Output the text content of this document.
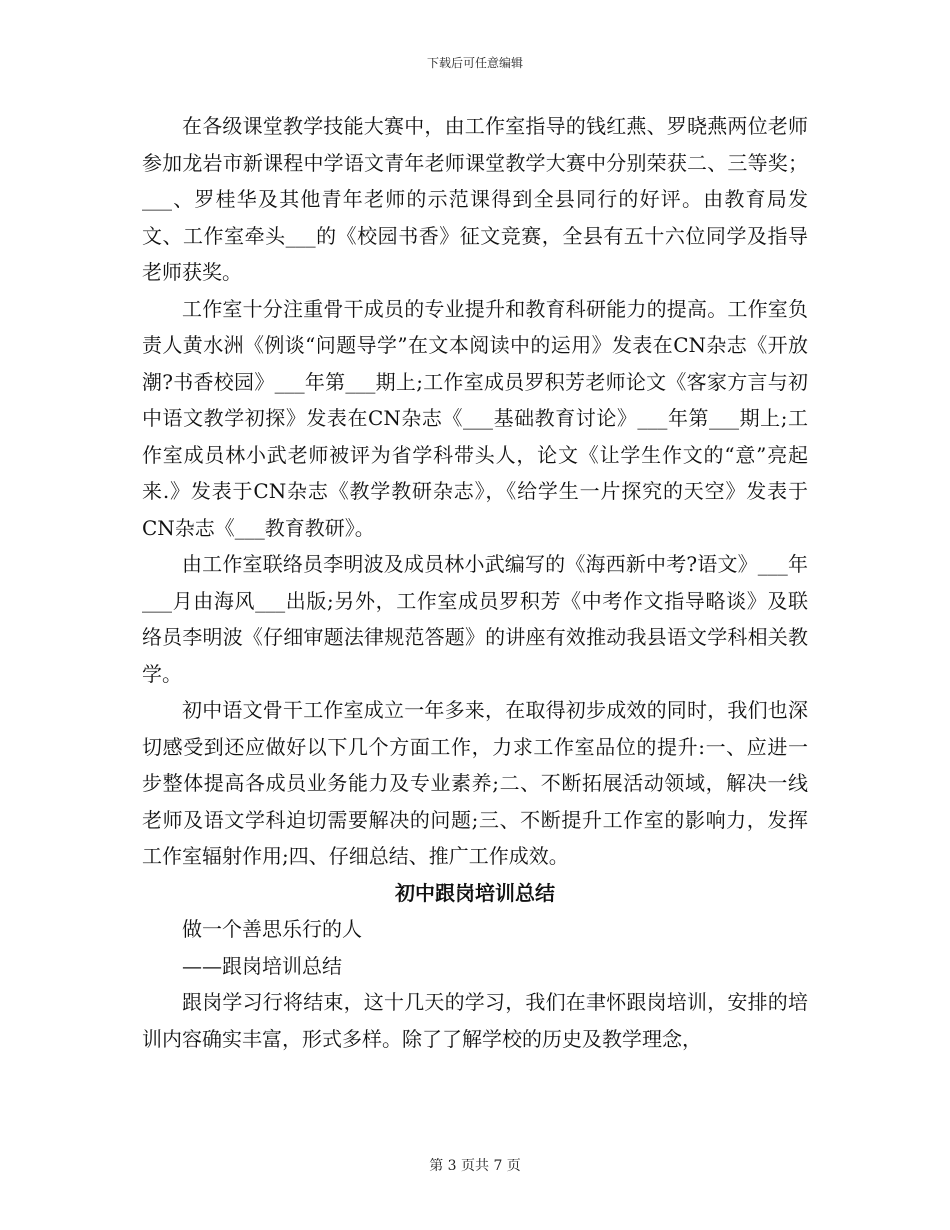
下载后可任意编辑

在各级课堂教学技能大赛中，由工作室指导的钱红燕、罗晓燕两位老师参加龙岩市新课程中学语文青年老师课堂教学大赛中分别荣获二、三等奖；___、罗桂华及其他青年老师的示范课得到全县同行的好评。由教育局发文、工作室牵头___的《校园书香》征文竞赛，全县有五十六位同学及指导老师获奖。

工作室十分注重骨干成员的专业提升和教育科研能力的提高。工作室负责人黄水洲《例谈“问题导学”在文本阅读中的运用》发表在CN杂志《开放潮?书香校园》___年第___期上;工作室成员罗积芳老师论文《客家方言与初中语文教学初探》发表在CN杂志《___基础教育讨论》___年第___期上;工作室成员林小武老师被评为省学科带头人，论文《让学生作文的“意”亮起来.》发表于CN杂志《教学教研杂志》，《给学生一片探究的天空》发表于CN杂志《___教育教研》。

由工作室联络员李明波及成员林小武编写的《海西新中考?语文》___年___月由海风___出版;另外，工作室成员罗积芳《中考作文指导略谈》及联络员李明波《仔细审题法律规范答题》的讲座有效推动我县语文学科相关教学。

初中语文骨干工作室成立一年多来，在取得初步成效的同时，我们也深切感受到还应做好以下几个方面工作，力求工作室品位的提升:一、应进一步整体提高各成员业务能力及专业素养;二、不断拓展活动领域，解决一线老师及语文学科迫切需要解决的问题;三、不断提升工作室的影响力，发挥工作室辐射作用;四、仔细总结、推广工作成效。

初中跟岗培训总结

做一个善思乐行的人

——跟岗培训总结

跟岗学习行将结束，这十几天的学习，我们在聿怀跟岗培训，安排的培训内容确实丰富，形式多样。除了了解学校的历史及教学理念，

第 3 页共 7 页
